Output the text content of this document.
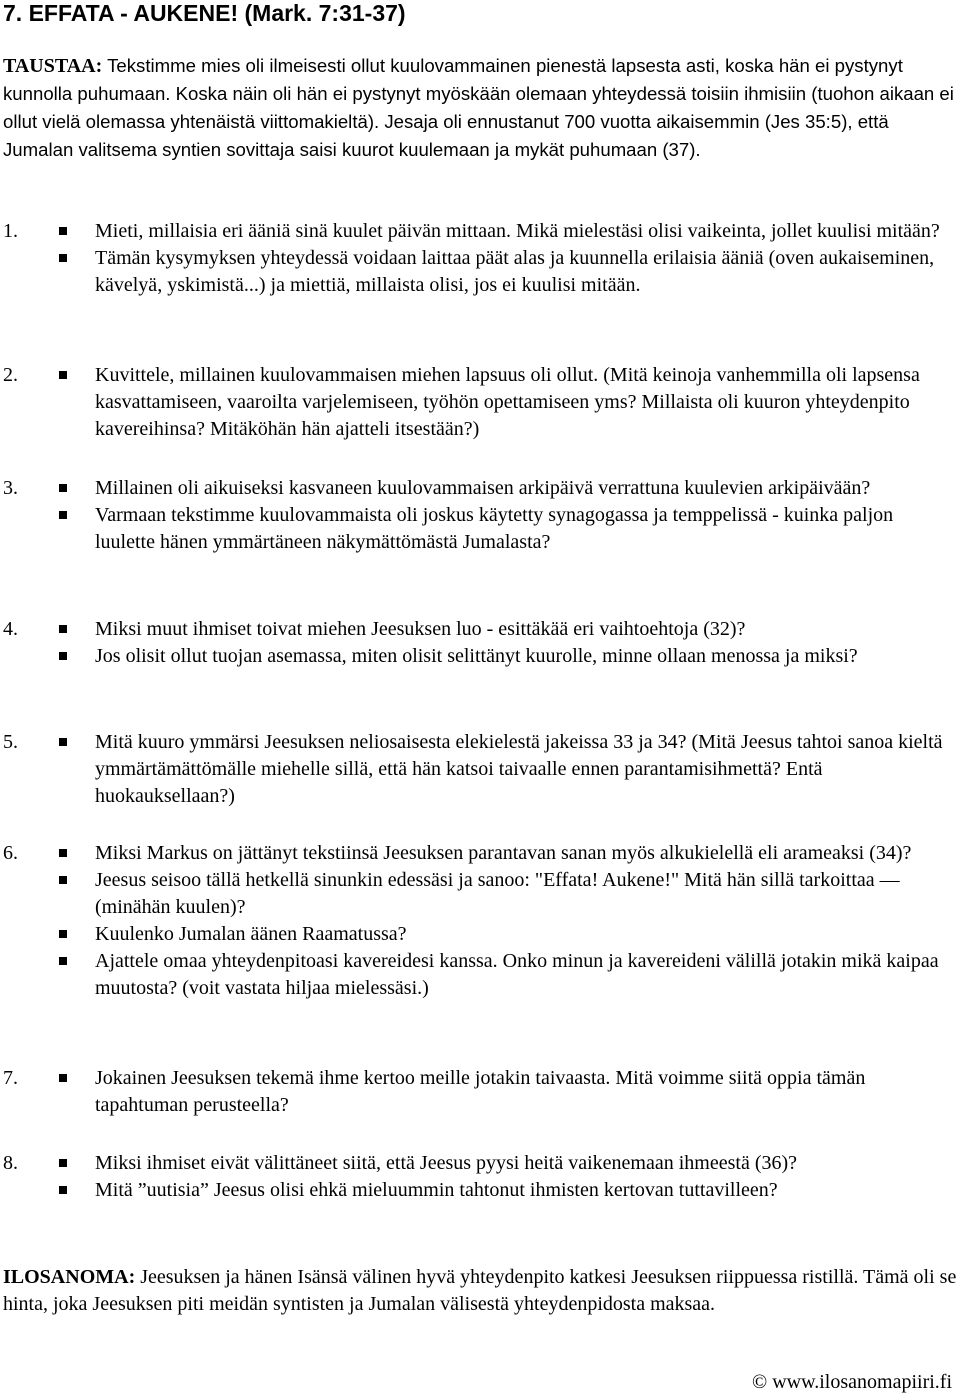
7. EFFATA - AUKENE! (Mark. 7:31-37)
TAUSTAA: Tekstimme mies oli ilmeisesti ollut kuulovammainen pienestä lapsesta asti, koska hän ei pystynyt kunnolla puhumaan. Koska näin oli hän ei pystynyt myöskään olemaan yhteydessä toisiin ihmisiin (tuohon aikaan ei ollut vielä olemassa yhtenäistä viittomakieltä). Jesaja oli ennustanut 700 vuotta aikaisemmin (Jes 35:5), että Jumalan valitsema syntien sovittaja saisi kuurot kuulemaan ja mykät puhumaan (37).
1.	Mieti, millaisia eri ääniä sinä kuulet päivän mittaan. Mikä mielestäsi olisi vaikeinta, jollet kuulisi mitään?
Tämän kysymyksen yhteydessä voidaan laittaa päät alas ja kuunnella erilaisia ääniä (oven aukaiseminen, kävelyä, yskimistä...) ja miettiä, millaista olisi, jos ei kuulisi mitään.
2.	Kuvittele, millainen kuulovammaisen miehen lapsuus oli ollut. (Mitä keinoja vanhemmilla oli lapsensa kasvattamiseen, vaaroilta varjelemiseen, työhön opettamiseen yms? Millaista oli kuuron yhteydenpito kavereihinsa? Mitäköhän hän ajatteli itsestään?)
3.	Millainen oli aikuiseksi kasvaneen kuulovammaisen arkipäivä verrattuna kuulevien arkipäivään?
Varmaan tekstimme kuulovammaista oli joskus käytetty synagogassa ja temppelissä - kuinka paljon luulette hänen ymmärtäneen näkymättömästä Jumalasta?
4.	Miksi muut ihmiset toivat miehen Jeesuksen luo - esittäkää eri vaihtoehtoja (32)?
Jos olisit ollut tuojan asemassa, miten olisit selittänyt kuurolle, minne ollaan menossa ja miksi?
5.	Mitä kuuro ymmärsi Jeesuksen neliosaisesta elekielestä jakeissa 33 ja 34? (Mitä Jeesus tahtoi sanoa kieltä ymmärtämättömälle miehelle sillä, että hän katsoi taivaalle ennen parantamisihmettä? Entä huokauksellaan?)
6.	Miksi Markus on jättänyt tekstiinsä Jeesuksen parantavan sanan myös alkukielellä eli arameaksi (34)?
Jeesus seisoo tällä hetkellä sinunkin edessäsi ja sanoo: "Effata! Aukene!" Mitä hän sillä tarkoittaa — (minähän kuulen)?
Kuulenko Jumalan äänen Raamatussa?
Ajattele omaa yhteydenpitoasi kavereidesi kanssa. Onko minun ja kavereideni välillä jotakin mikä kaipaa muutosta? (voit vastata hiljaa mielessäsi.)
7.	Jokainen Jeesuksen tekemä ihme kertoo meille jotakin taivaasta. Mitä voimme siitä oppia tämän tapahtuman perusteella?
8.	Miksi ihmiset eivät välittäneet siitä, että Jeesus pyysi heitä vaikenemaan ihmeestä (36)?
Mitä ”uutisia” Jeesus olisi ehkä mieluummin tahtonut ihmisten kertovan tuttavilleen?
ILOSANOMA: Jeesuksen ja hänen Isänsä välinen hyvä yhteydenpito katkesi Jeesuksen riippuessa ristillä. Tämä oli se hinta, joka Jeesuksen piti meidän syntisten ja Jumalan välisestä yhteydenpidosta maksaa.
© www.ilosanomapiiri.fi
